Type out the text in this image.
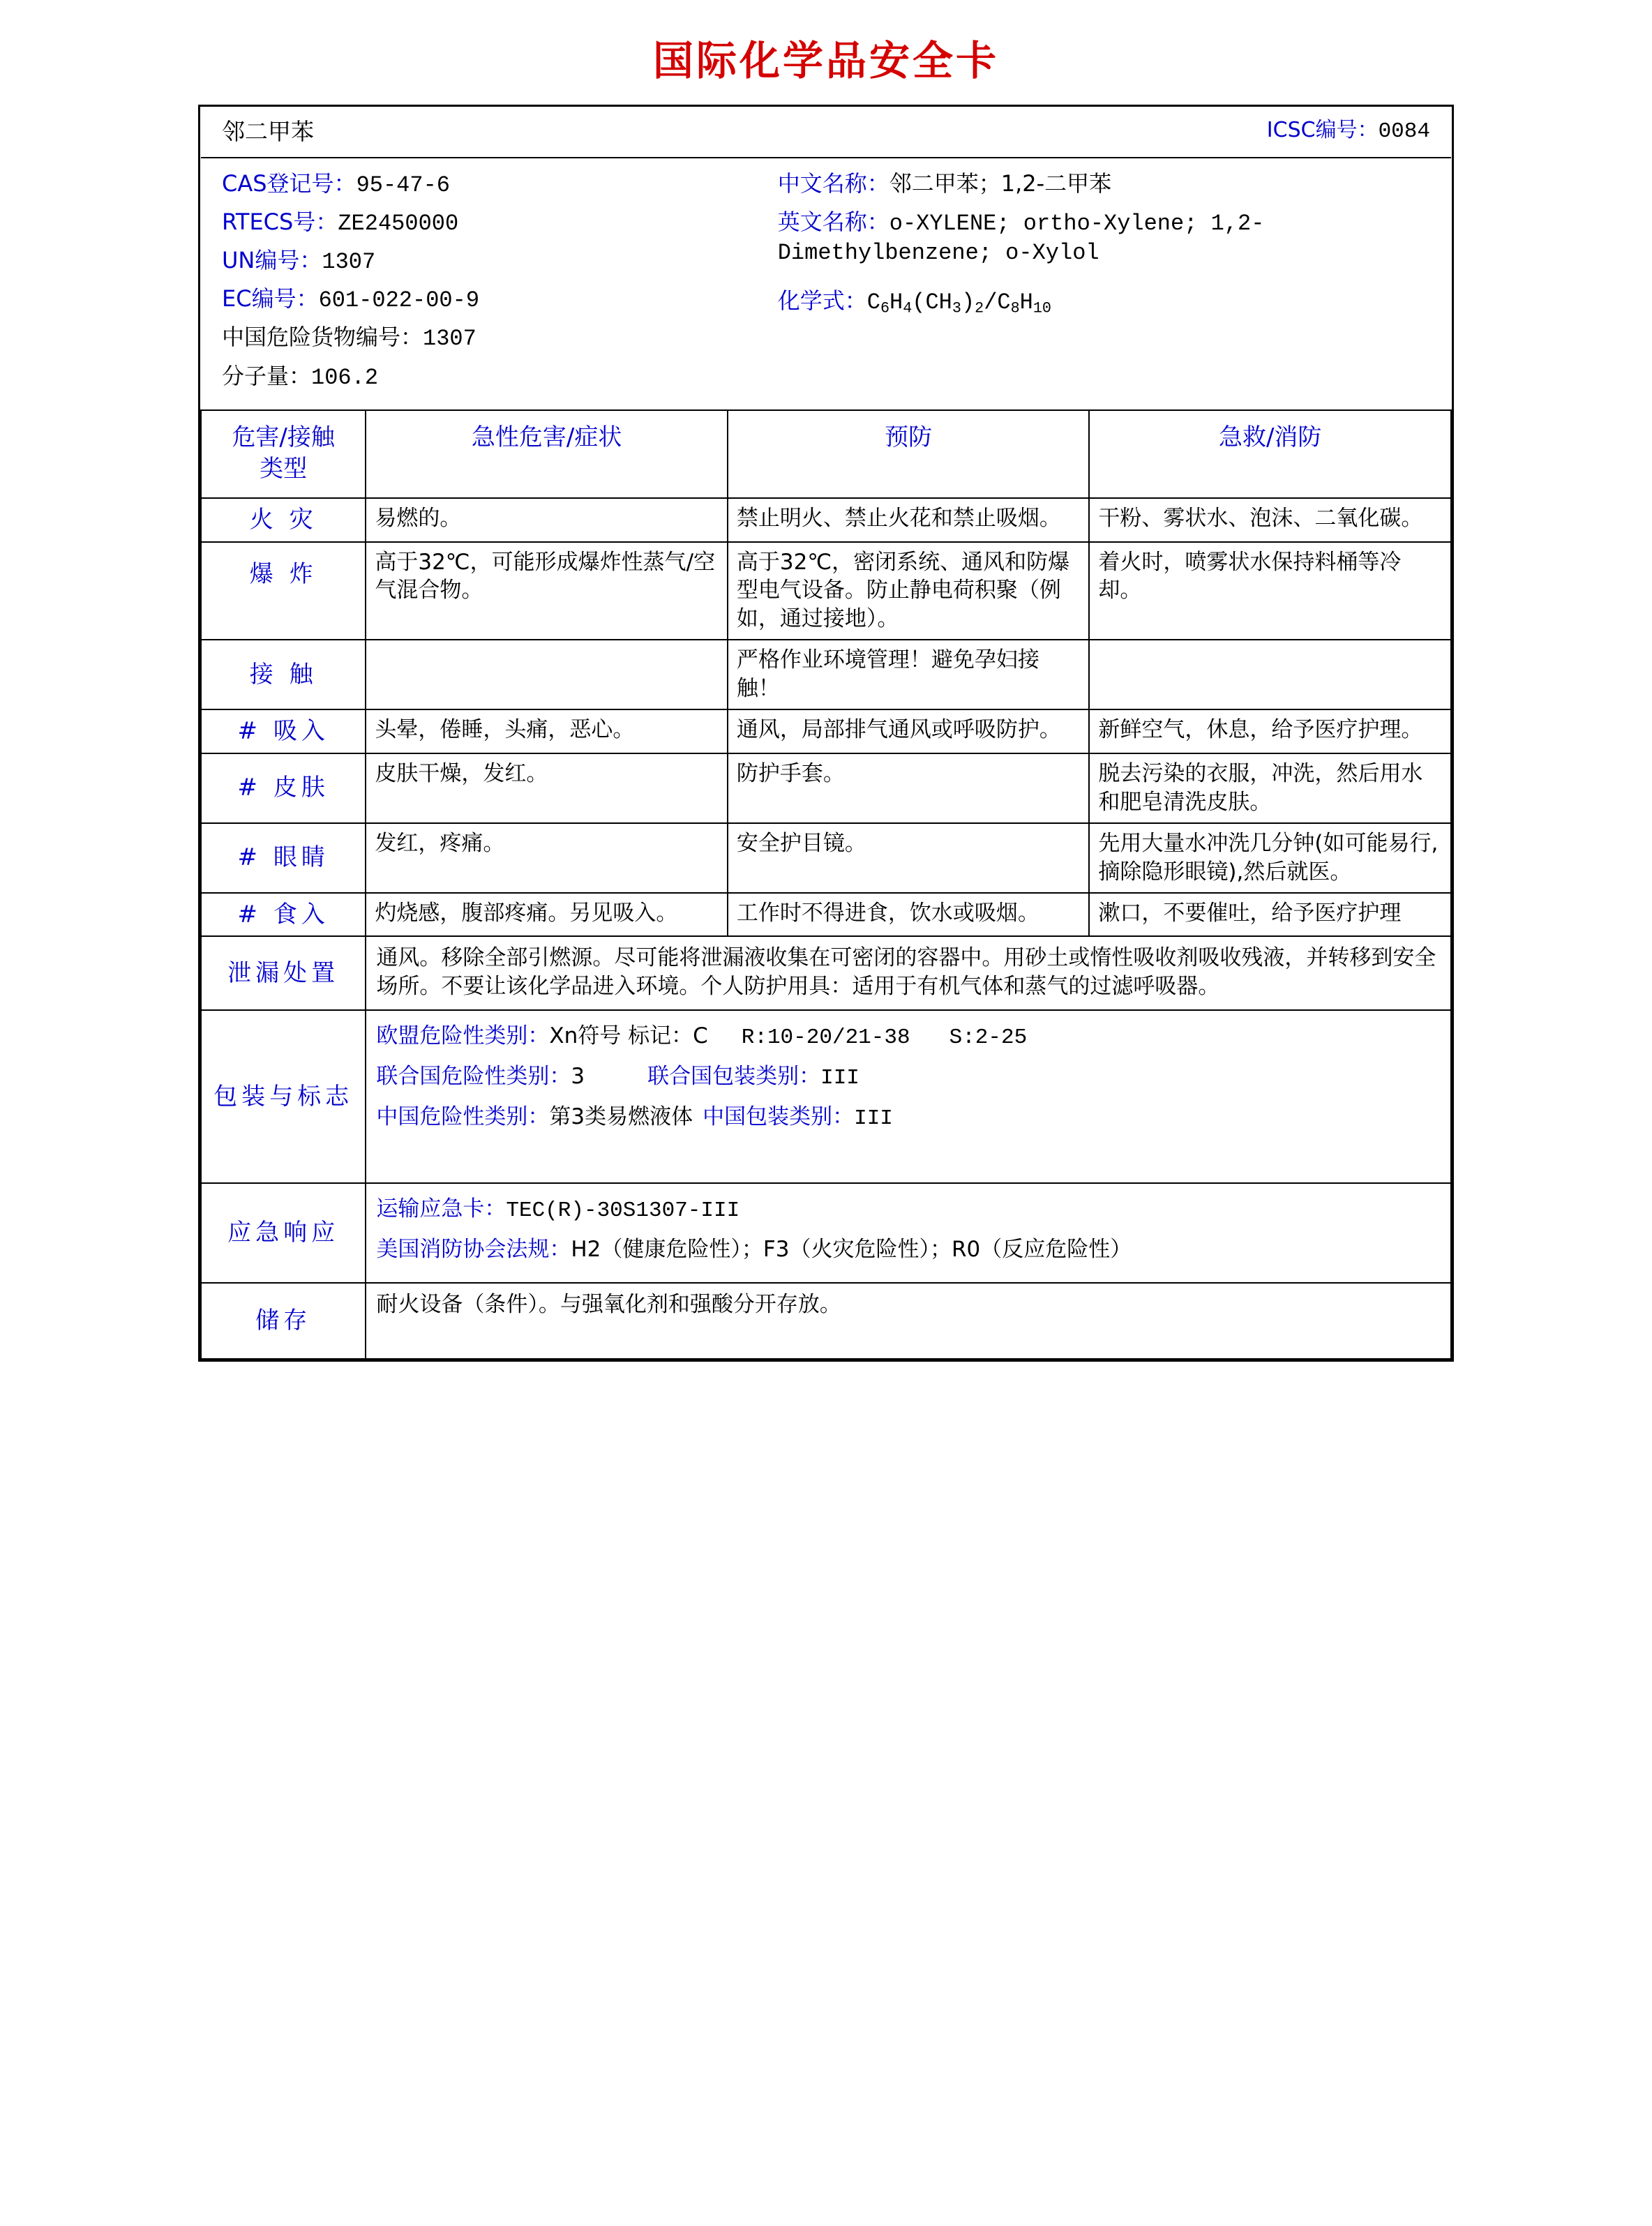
国际化学品安全卡
邻二甲苯		ICSC编号：0084	

CAS登记号：95-47-6
RTECS号：ZE2450000
UN编号：1307
EC编号：601-022-00-9
中国危险货物编号：1307
分子量：106.2
中文名称：邻二甲苯；1,2-二甲苯
英文名称：o-XYLENE; ortho-Xylene; 1,2-Dimethylbenzene; o-Xylol
化学式：$C_6H_4(CH_3)_2/C_8H_{10}$

危害/接触
类型	急性危害/症状	预防	急救/消防
火 灾	易燃的。	禁止明火、禁止火花和禁止吸烟。	干粉、雾状水、泡沫、二氧化碳。
爆 炸	高于32℃，可能形成爆炸性蒸气/空气混合物。	高于32℃，密闭系统、通风和防爆型电气设备。防止静电荷积聚（例如，通过接地）。	着火时，喷雾状水保持料桶等冷却。
接 触		严格作业环境管理！避免孕妇接触！	
# 吸入	头晕，倦睡，头痛，恶心。	通风，局部排气通风或呼吸防护。	新鲜空气，休息，给予医疗护理。
# 皮肤	皮肤干燥，发红。	防护手套。	脱去污染的衣服，冲洗，然后用水和肥皂清洗皮肤。
# 眼睛	发红，疼痛。	安全护目镜。	先用大量水冲洗几分钟(如可能易行,摘除隐形眼镜),然后就医。
# 食入	灼烧感，腹部疼痛。另见吸入。	工作时不得进食，饮水或吸烟。	漱口，不要催吐，给予医疗护理
泄漏处置	通风。移除全部引燃源。尽可能将泄漏液收集在可密闭的容器中。用砂土或惰性吸收剂吸收残液，并转移到安全场所。不要让该化学品进入环境。个人防护用具：适用于有机气体和蒸气的过滤呼吸器。		
包装与标志	欧盟危险性类别：Xn符号 标记：C R:10-20/21-38 S:2-25
联合国危险性类别：3 联合国包装类别：III
中国危险性类别：第3类易燃液体 中国包装类别：III		

应急响应	运输应急卡：TEC(R)-30S1307-III
美国消防协会法规：H2（健康危险性）；F3（火灾危险性）；R0（反应危险性）		

储存	耐火设备（条件）。与强氧化剂和强酸分开存放。		
